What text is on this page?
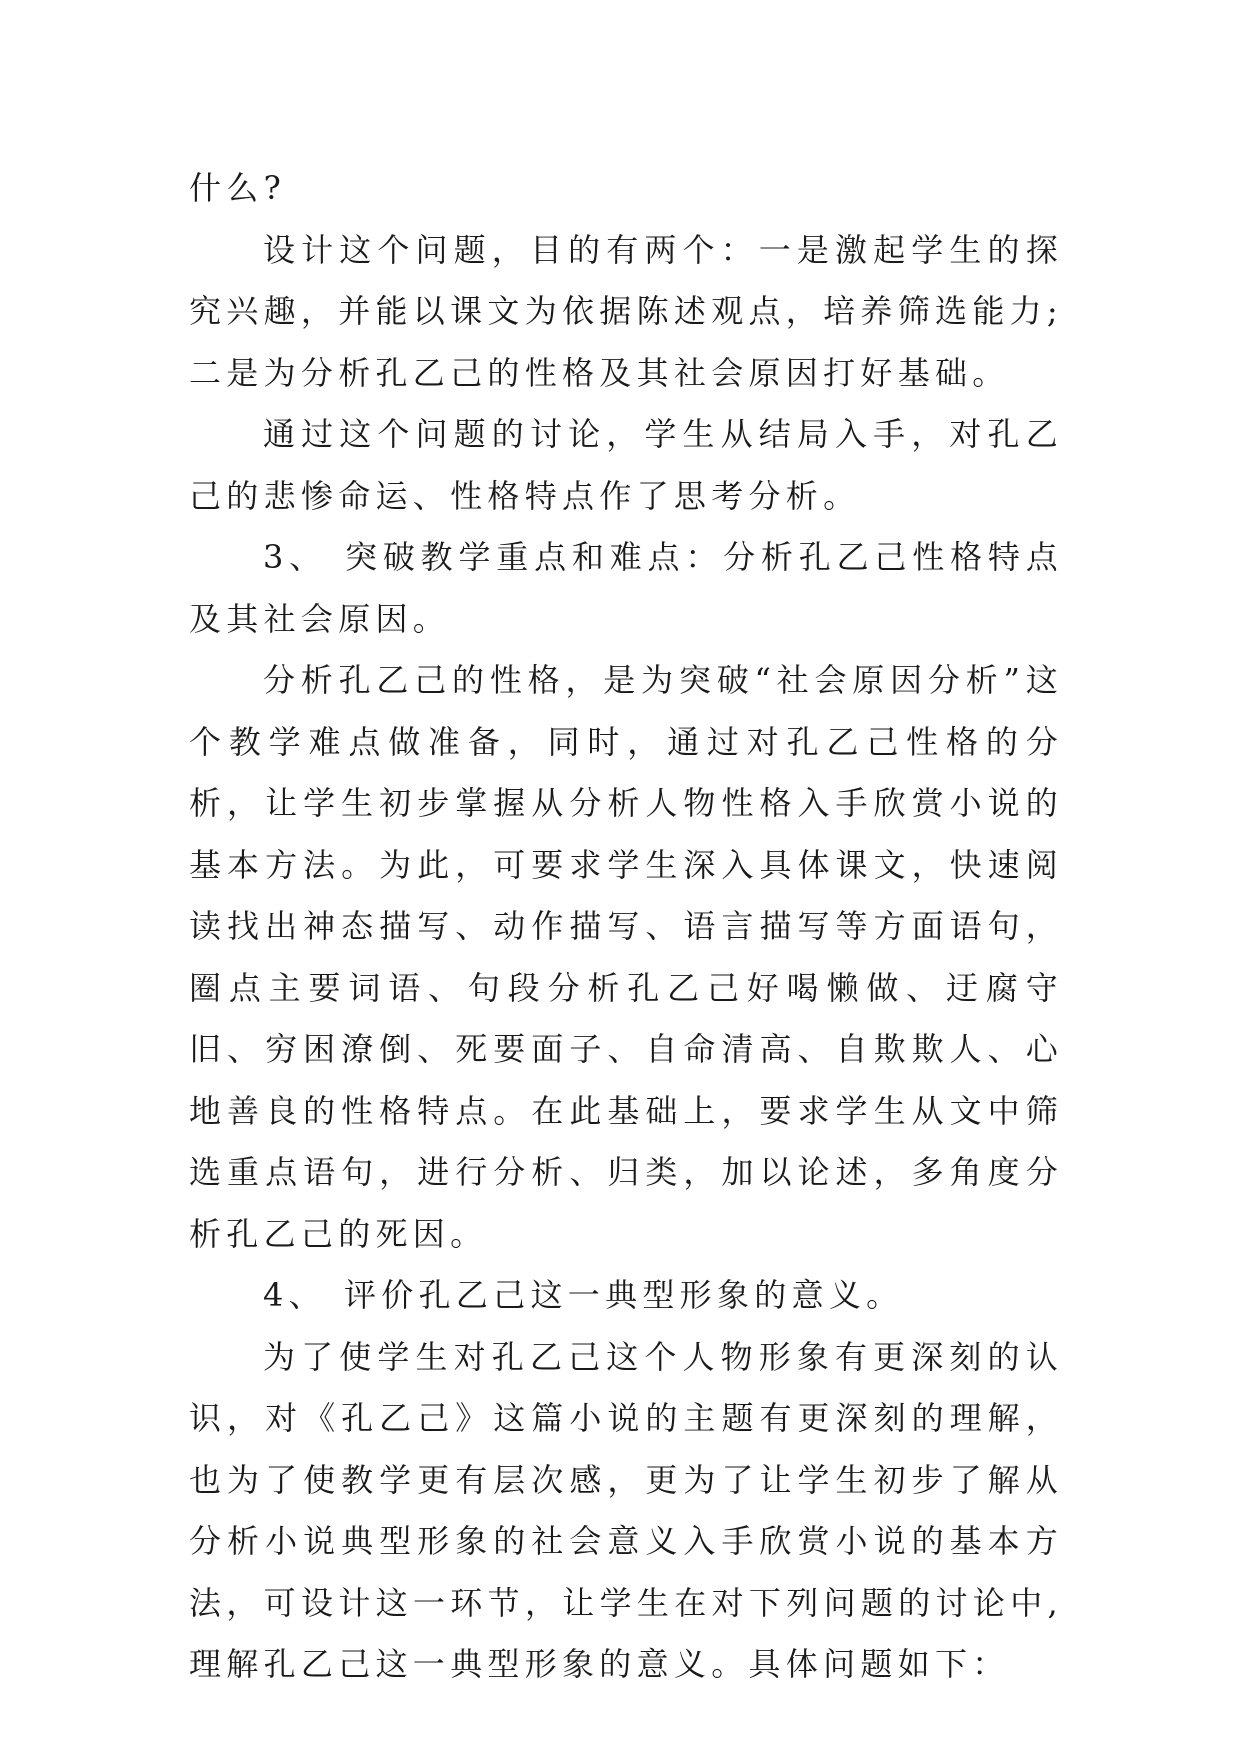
什么?

设计这个问题，目的有两个：一是激起学生的探究兴趣，并能以课文为依据陈述观点，培养筛选能力;二是为分析孔乙己的性格及其社会原因打好基础。

通过这个问题的讨论，学生从结局入手，对孔乙己的悲惨命运、性格特点作了思考分析。

3、 突破教学重点和难点：分析孔乙己性格特点及其社会原因。

分析孔乙己的性格，是为突破“社会原因分析”这个教学难点做准备，同时，通过对孔乙己性格的分析，让学生初步掌握从分析人物性格入手欣赏小说的基本方法。为此，可要求学生深入具体课文，快速阅读找出神态描写、动作描写、语言描写等方面语句，圈点主要词语、句段分析孔乙己好喝懒做、迂腐守旧、穷困潦倒、死要面子、自命清高、自欺欺人、心地善良的性格特点。在此基础上，要求学生从文中筛选重点语句，进行分析、归类，加以论述，多角度分析孔乙己的死因。

4、 评价孔乙己这一典型形象的意义。

为了使学生对孔乙己这个人物形象有更深刻的认识，对《孔乙己》这篇小说的主题有更深刻的理解，也为了使教学更有层次感，更为了让学生初步了解从分析小说典型形象的社会意义入手欣赏小说的基本方法，可设计这一环节，让学生在对下列问题的讨论中,理解孔乙己这一典型形象的意义。具体问题如下：
